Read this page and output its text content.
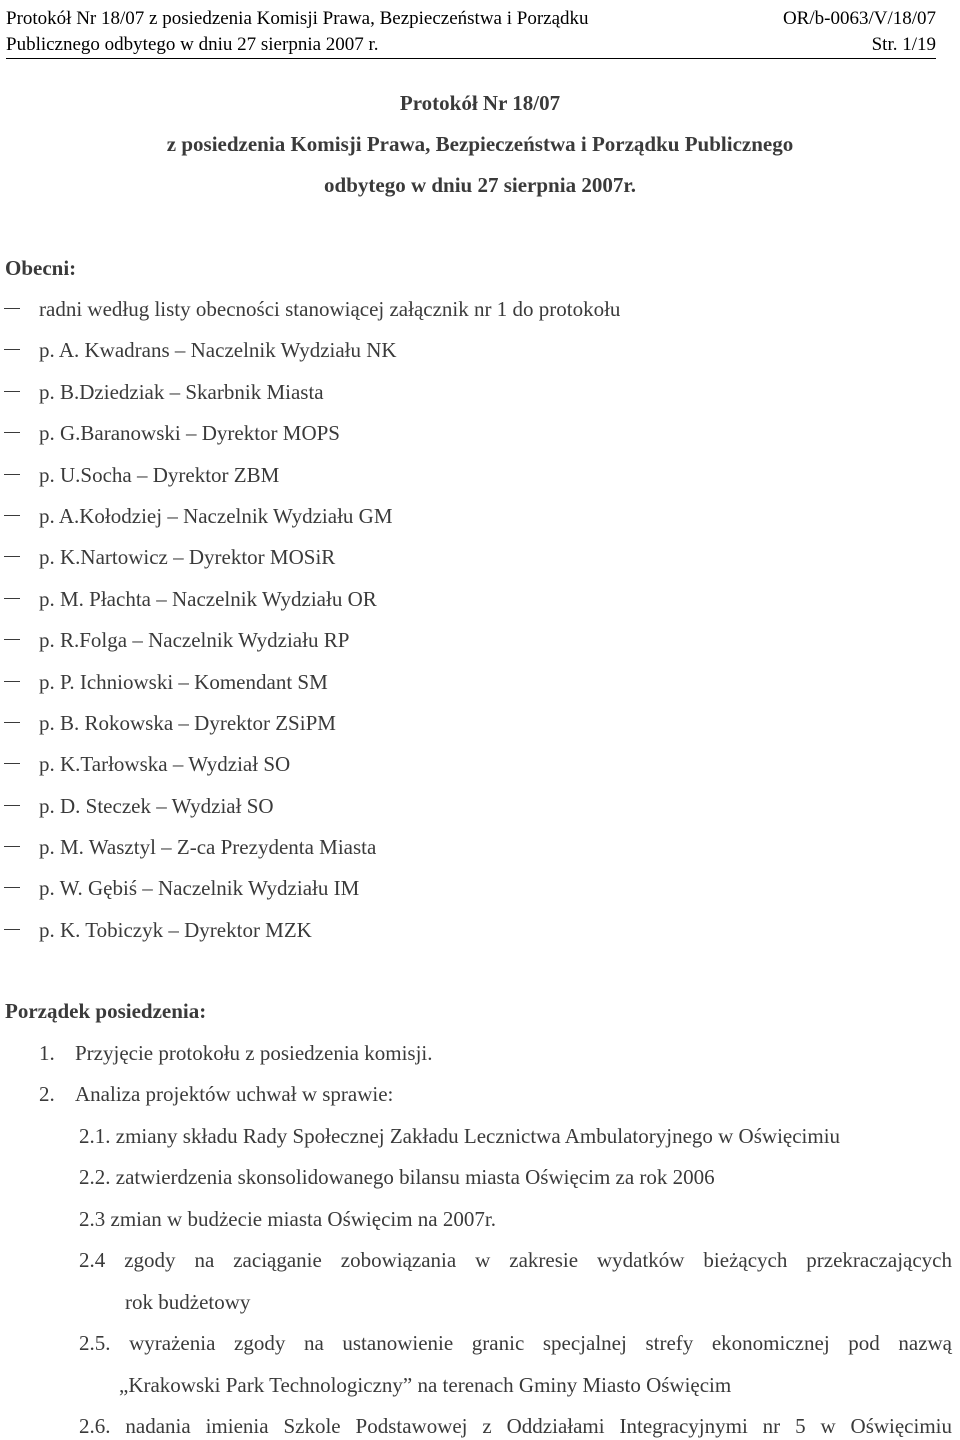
Protokół Nr 18/07 z posiedzenia Komisji Prawa, Bezpieczeństwa i Porządku	OR/b-0063/V/18/07
Publicznego odbytego w dniu 27 sierpnia 2007 r.	Str. 1/19
Protokół Nr 18/07
z posiedzenia Komisji Prawa, Bezpieczeństwa i Porządku Publicznego
odbytego w dniu 27 sierpnia 2007r.
Obecni:
radni według listy obecności stanowiącej załącznik nr 1 do protokołu
p. A. Kwadrans – Naczelnik Wydziału NK
p. B.Dziedziak – Skarbnik Miasta
p. G.Baranowski – Dyrektor MOPS
p. U.Socha – Dyrektor ZBM
p. A.Kołodziej – Naczelnik Wydziału GM
p. K.Nartowicz – Dyrektor MOSiR
p. M. Płachta – Naczelnik Wydziału OR
p. R.Folga – Naczelnik Wydziału RP
p. P. Ichniowski – Komendant SM
p. B. Rokowska – Dyrektor ZSiPM
p. K.Tarłowska – Wydział SO
p. D. Steczek – Wydział SO
p. M. Wasztyl – Z-ca Prezydenta Miasta
p. W. Gębiś – Naczelnik Wydziału IM
p. K. Tobiczyk – Dyrektor MZK
Porządek posiedzenia:
1. Przyjęcie protokołu z posiedzenia komisji.
2. Analiza projektów uchwał w sprawie:
2.1. zmiany składu Rady Społecznej Zakładu Lecznictwa Ambulatoryjnego w Oświęcimiu
2.2. zatwierdzenia skonsolidowanego bilansu miasta Oświęcim za rok 2006
2.3 zmian w budżecie miasta Oświęcim na 2007r.
2.4 zgody na zaciąganie zobowiązania w zakresie wydatków bieżących przekraczających
rok budżetowy
2.5. wyrażenia zgody na ustanowienie granic specjalnej strefy ekonomicznej pod nazwą
„Krakowski Park Technologiczny” na terenach Gminy Miasto Oświęcim
2.6. nadania imienia Szkole Podstawowej z Oddziałami Integracyjnymi nr 5 w Oświęcimiu
